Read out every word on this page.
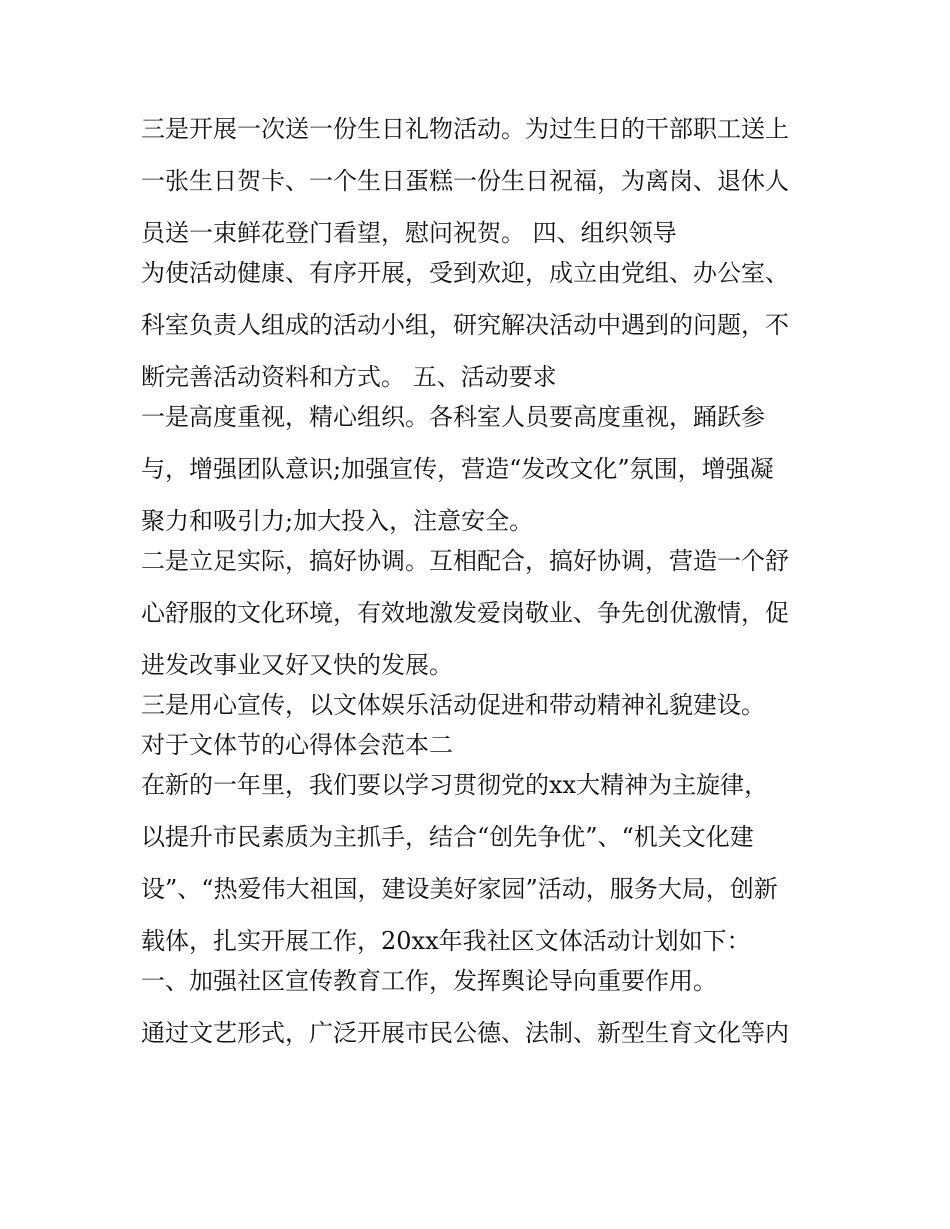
三是开展一次送一份生日礼物活动。为过生日的干部职工送上
一张生日贺卡、一个生日蛋糕一份生日祝福，为离岗、退休人
员送一束鲜花登门看望，慰问祝贺。 四、组织领导
为使活动健康、有序开展，受到欢迎，成立由党组、办公室、
科室负责人组成的活动小组，研究解决活动中遇到的问题，不
断完善活动资料和方式。 五、活动要求
一是高度重视，精心组织。各科室人员要高度重视，踊跃参
与，增强团队意识;加强宣传，营造“发改文化”氛围，增强凝
聚力和吸引力;加大投入，注意安全。
二是立足实际，搞好协调。互相配合，搞好协调，营造一个舒
心舒服的文化环境，有效地激发爱岗敬业、争先创优激情，促
进发改事业又好又快的发展。
三是用心宣传，以文体娱乐活动促进和带动精神礼貌建设。
对于文体节的心得体会范本二
在新的一年里，我们要以学习贯彻党的xx大精神为主旋律，
以提升市民素质为主抓手，结合“创先争优”、“机关文化建
设”、“热爱伟大祖国，建设美好家园”活动，服务大局，创新
载体，扎实开展工作，20xx年我社区文体活动计划如下：
一、加强社区宣传教育工作，发挥舆论导向重要作用。
通过文艺形式，广泛开展市民公德、法制、新型生育文化等内
